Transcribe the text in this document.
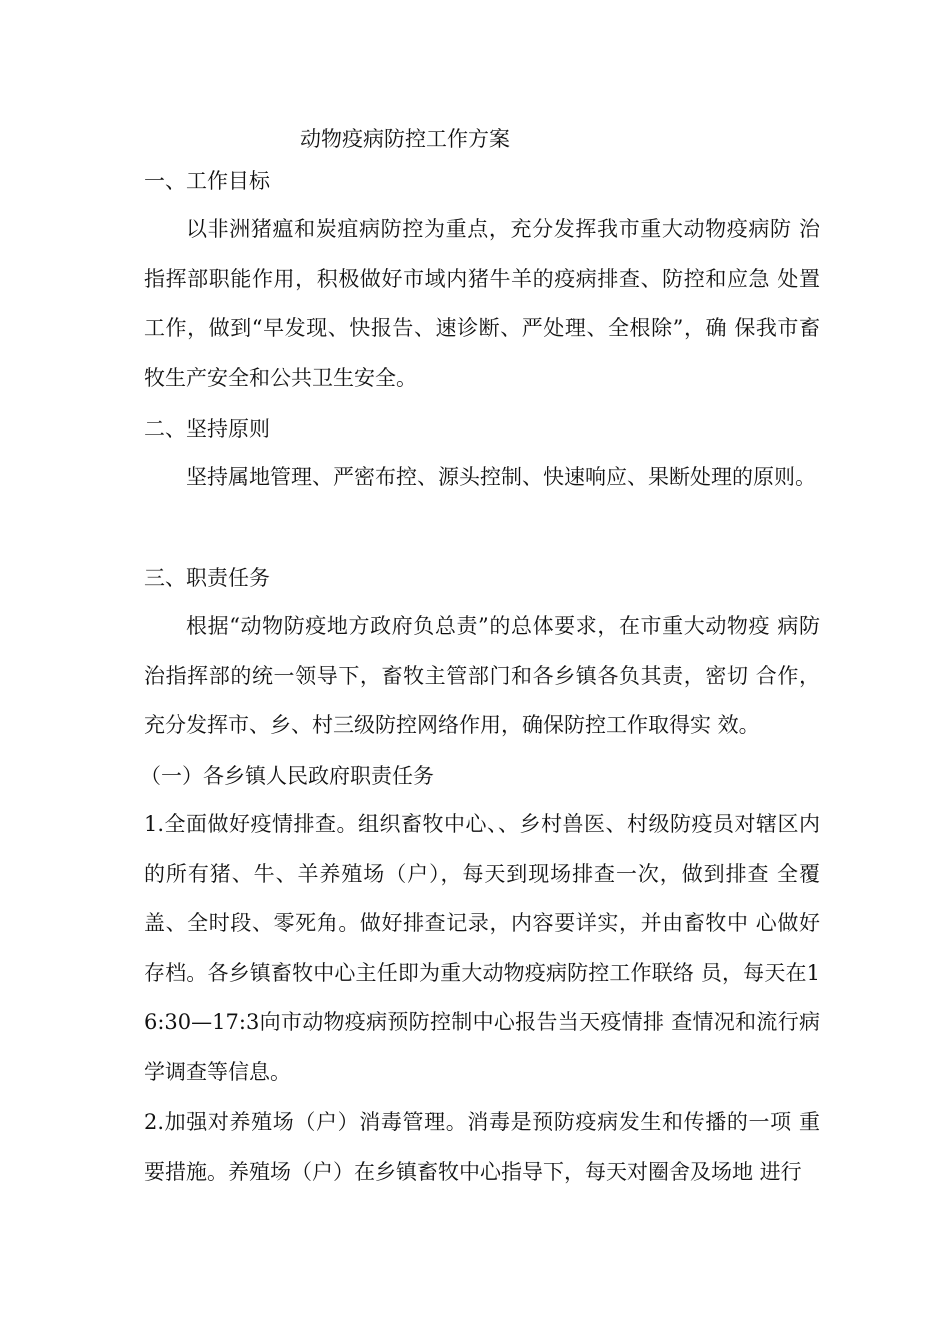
动物疫病防控工作方案
一、工作目标
以非洲猪瘟和炭疽病防控为重点，充分发挥我市重大动物疫病防 治指挥部职能作用，积极做好市域内猪牛羊的疫病排查、防控和应急 处置工作，做到“早发现、快报告、速诊断、严处理、全根除”，确 保我市畜牧生产安全和公共卫生安全。
二、坚持原则
坚持属地管理、严密布控、源头控制、快速响应、果断处理的原则。
三、职责任务
根据“动物防疫地方政府负总责”的总体要求，在市重大动物疫 病防治指挥部的统一领导下，畜牧主管部门和各乡镇各负其责，密切 合作，充分发挥市、乡、村三级防控网络作用，确保防控工作取得实 效。
（一）各乡镇人民政府职责任务
1.全面做好疫情排查。组织畜牧中心、、乡村兽医、村级防疫员对辖区内的所有猪、牛、羊养殖场（户），每天到现场排查一次，做到排查 全覆盖、全时段、零死角。做好排查记录，内容要详实，并由畜牧中 心做好存档。各乡镇畜牧中心主任即为重大动物疫病防控工作联络 员，每天在16:30—17:3向市动物疫病预防控制中心报告当天疫情排 查情况和流行病学调查等信息。
2.加强对养殖场（户）消毒管理。消毒是预防疫病发生和传播的一项 重要措施。养殖场（户）在乡镇畜牧中心指导下，每天对圈舍及场地 进行
